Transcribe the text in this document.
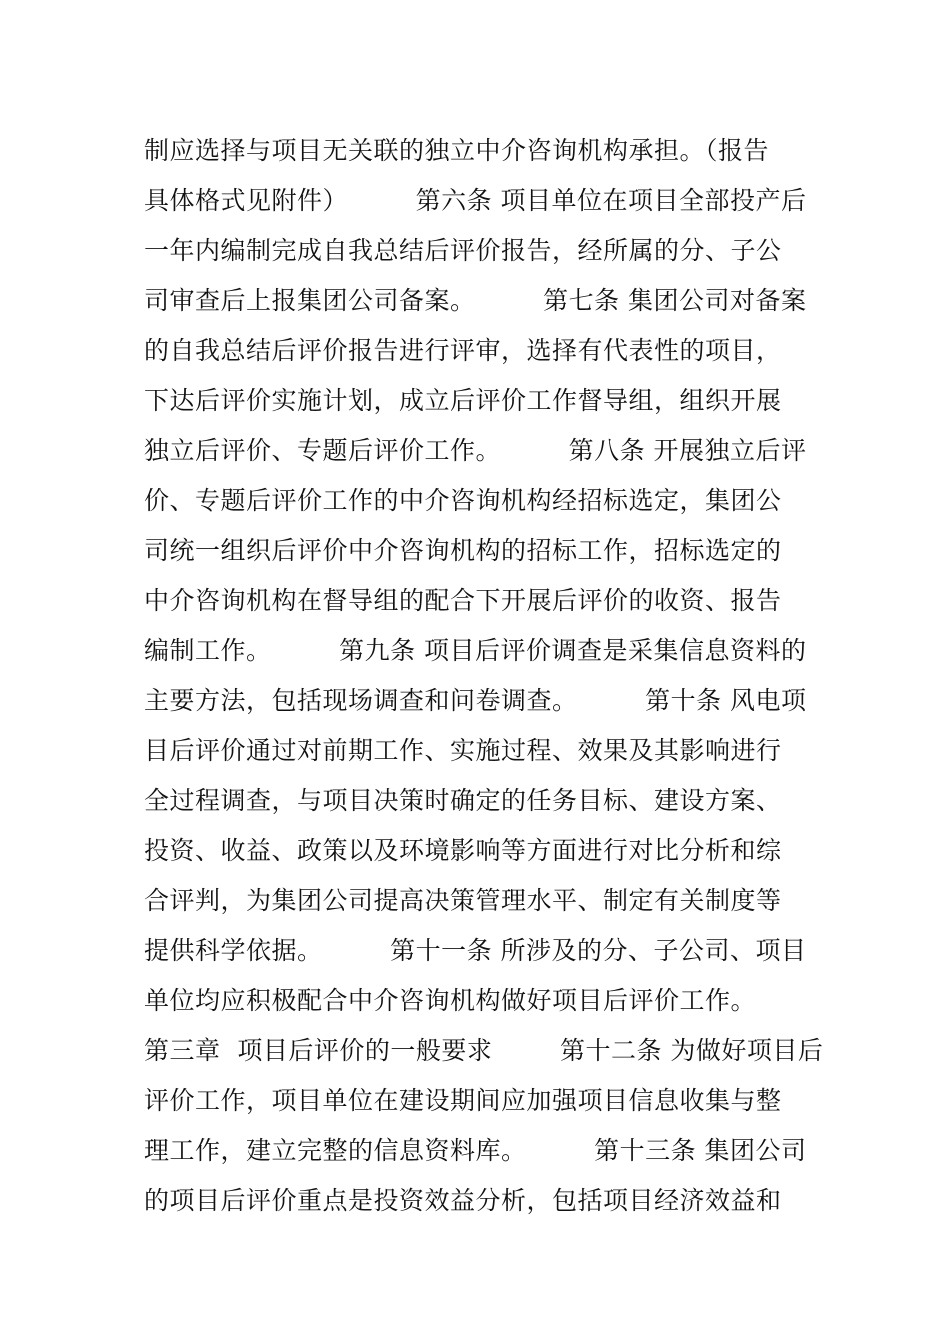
制应选择与项目无关联的独立中介咨询机构承担。（报告
具体格式见附件）        第六条 项目单位在项目全部投产后
一年内编制完成自我总结后评价报告，经所属的分、子公
司审查后上报集团公司备案。        第七条 集团公司对备案
的自我总结后评价报告进行评审，选择有代表性的项目，
下达后评价实施计划，成立后评价工作督导组，组织开展
独立后评价、专题后评价工作。        第八条 开展独立后评
价、专题后评价工作的中介咨询机构经招标选定，集团公
司统一组织后评价中介咨询机构的招标工作，招标选定的
中介咨询机构在督导组的配合下开展后评价的收资、报告
编制工作。        第九条 项目后评价调查是采集信息资料的
主要方法，包括现场调查和问卷调查。        第十条 风电项
目后评价通过对前期工作、实施过程、效果及其影响进行
全过程调查，与项目决策时确定的任务目标、建设方案、
投资、收益、政策以及环境影响等方面进行对比分析和综
合评判，为集团公司提高决策管理水平、制定有关制度等
提供科学依据。        第十一条 所涉及的分、子公司、项目
单位均应积极配合中介咨询机构做好项目后评价工作。
第三章  项目后评价的一般要求        第十二条 为做好项目后
评价工作，项目单位在建设期间应加强项目信息收集与整
理工作，建立完整的信息资料库。        第十三条 集团公司
的项目后评价重点是投资效益分析，包括项目经济效益和
